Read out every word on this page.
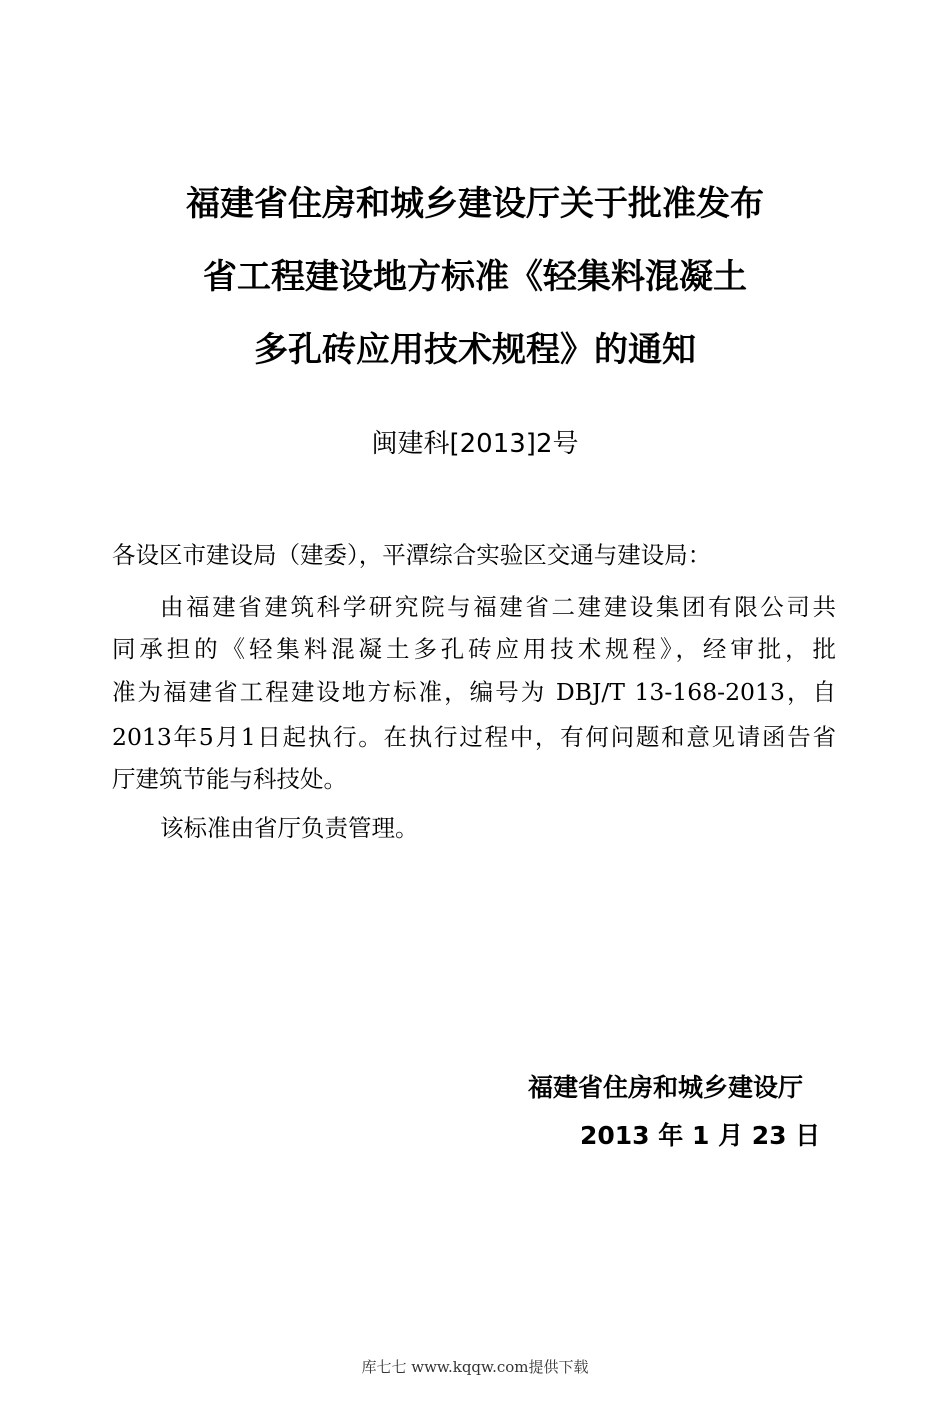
福建省住房和城乡建设厅关于批准发布
省工程建设地方标准《轻集料混凝土
多孔砖应用技术规程》的通知
闽建科[2013]2号
各设区市建设局（建委），平潭综合实验区交通与建设局：
由福建省建筑科学研究院与福建省二建建设集团有限公司共
同承担的《轻集料混凝土多孔砖应用技术规程》，经审批，批
准为福建省工程建设地方标准，编号为 DBJ/T 13-168-2013，自
2013年5月1日起执行。在执行过程中，有何问题和意见请函告省
厅建筑节能与科技处。
该标准由省厅负责管理。
福建省住房和城乡建设厅
2013 年 1 月 23 日
库七七 www.kqqw.com提供下载
